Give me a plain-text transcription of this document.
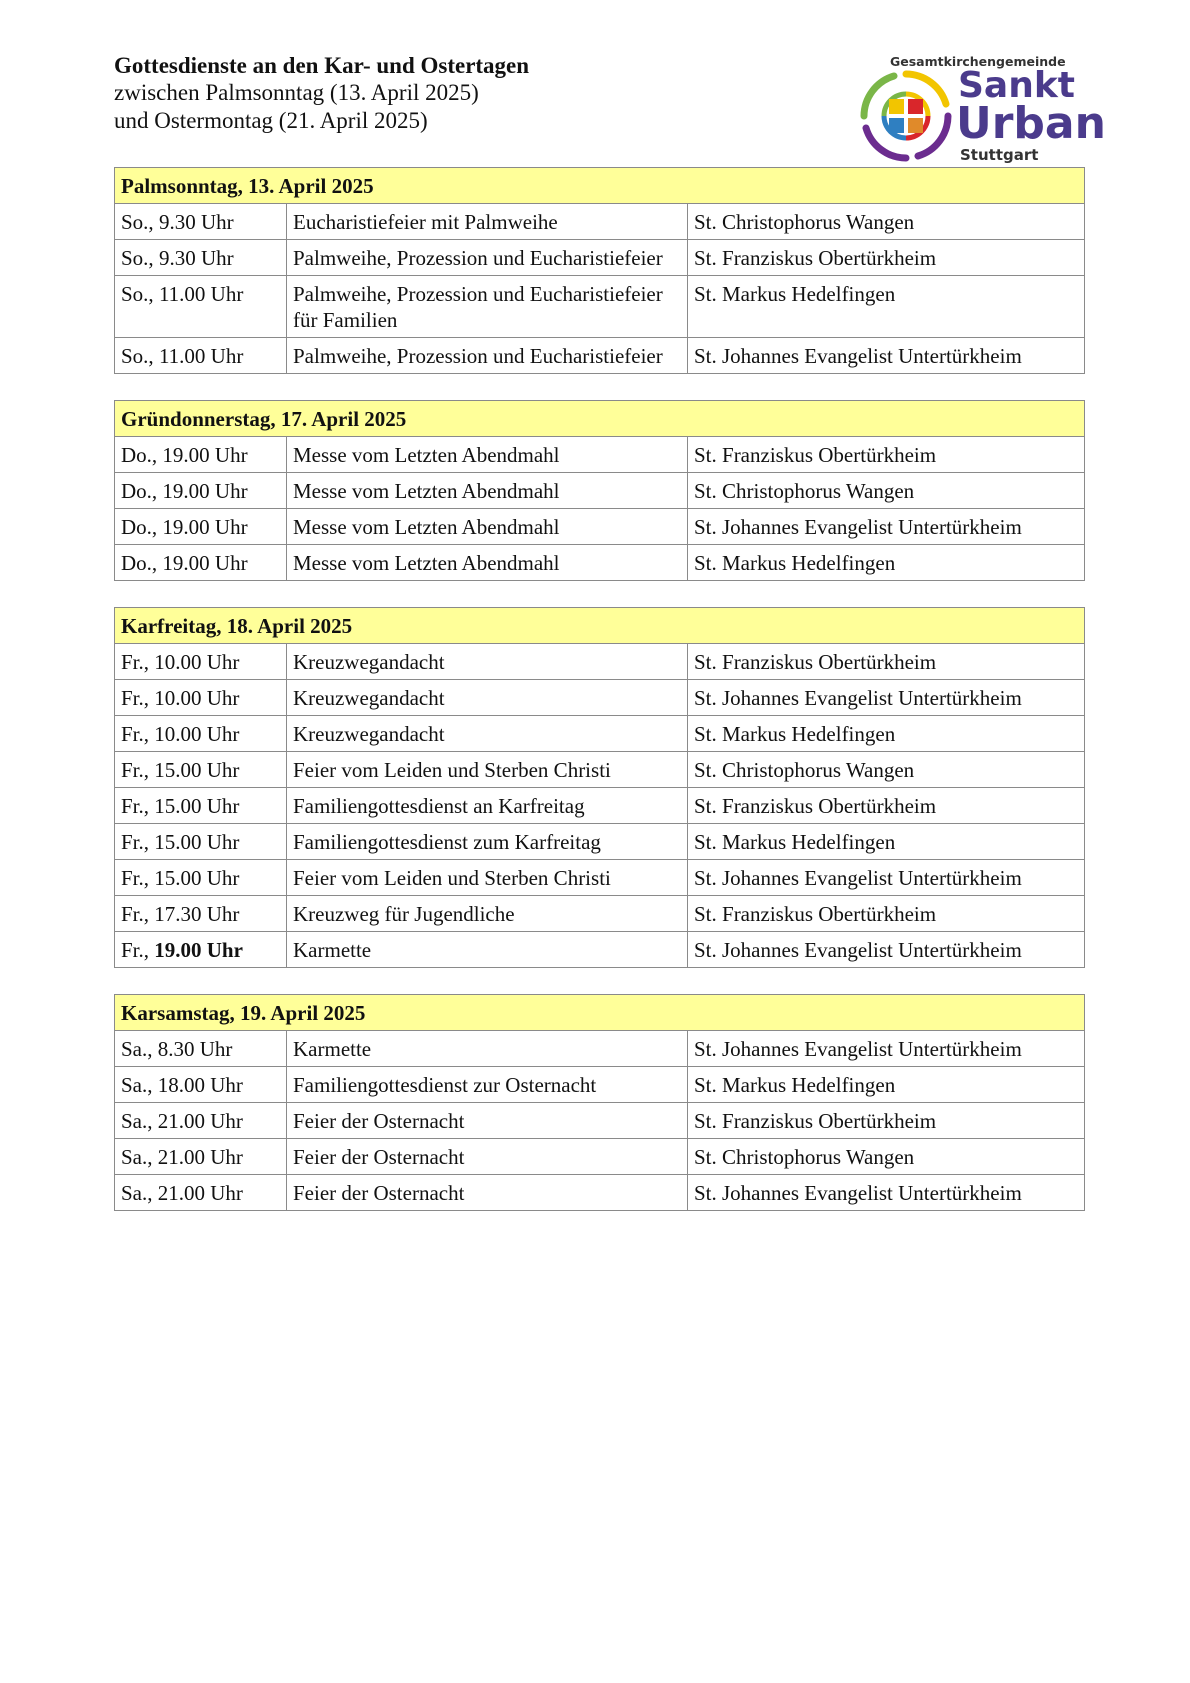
Gottesdienste an den Kar- und Ostertagen
zwischen Palmsonntag (13. April 2025)
und Ostermontag (21. April 2025)
Gesamtkirchengemeinde
Sankt
Urban
Stuttgart
Palmsonntag, 13. April 2025		
So., 9.30 Uhr	Eucharistiefeier mit Palmweihe	St. Christophorus Wangen
So., 9.30 Uhr	Palmweihe, Prozession und Eucharistiefeier	St. Franziskus Obertürkheim
So., 11.00 Uhr	Palmweihe, Prozession und Eucharistiefeier für Familien	St. Markus Hedelfingen
So., 11.00 Uhr	Palmweihe, Prozession und Eucharistiefeier	St. Johannes Evangelist Untertürkheim
Gründonnerstag, 17. April 2025		
Do., 19.00 Uhr	Messe vom Letzten Abendmahl	St. Franziskus Obertürkheim
Do., 19.00 Uhr	Messe vom Letzten Abendmahl	St. Christophorus Wangen
Do., 19.00 Uhr	Messe vom Letzten Abendmahl	St. Johannes Evangelist Untertürkheim
Do., 19.00 Uhr	Messe vom Letzten Abendmahl	St. Markus Hedelfingen
Karfreitag, 18. April 2025		
Fr., 10.00 Uhr	Kreuzwegandacht	St. Franziskus Obertürkheim
Fr., 10.00 Uhr	Kreuzwegandacht	St. Johannes Evangelist Untertürkheim
Fr., 10.00 Uhr	Kreuzwegandacht	St. Markus Hedelfingen
Fr., 15.00 Uhr	Feier vom Leiden und Sterben Christi	St. Christophorus Wangen
Fr., 15.00 Uhr	Familiengottesdienst an Karfreitag	St. Franziskus Obertürkheim
Fr., 15.00 Uhr	Familiengottesdienst zum Karfreitag	St. Markus Hedelfingen
Fr., 15.00 Uhr	Feier vom Leiden und Sterben Christi	St. Johannes Evangelist Untertürkheim
Fr., 17.30 Uhr	Kreuzweg für Jugendliche	St. Franziskus Obertürkheim
Fr., 19.00 Uhr	Karmette	St. Johannes Evangelist Untertürkheim
Karsamstag, 19. April 2025		
Sa., 8.30 Uhr	Karmette	St. Johannes Evangelist Untertürkheim
Sa., 18.00 Uhr	Familiengottesdienst zur Osternacht	St. Markus Hedelfingen
Sa., 21.00 Uhr	Feier der Osternacht	St. Franziskus Obertürkheim
Sa., 21.00 Uhr	Feier der Osternacht	St. Christophorus Wangen
Sa., 21.00 Uhr	Feier der Osternacht	St. Johannes Evangelist Untertürkheim
